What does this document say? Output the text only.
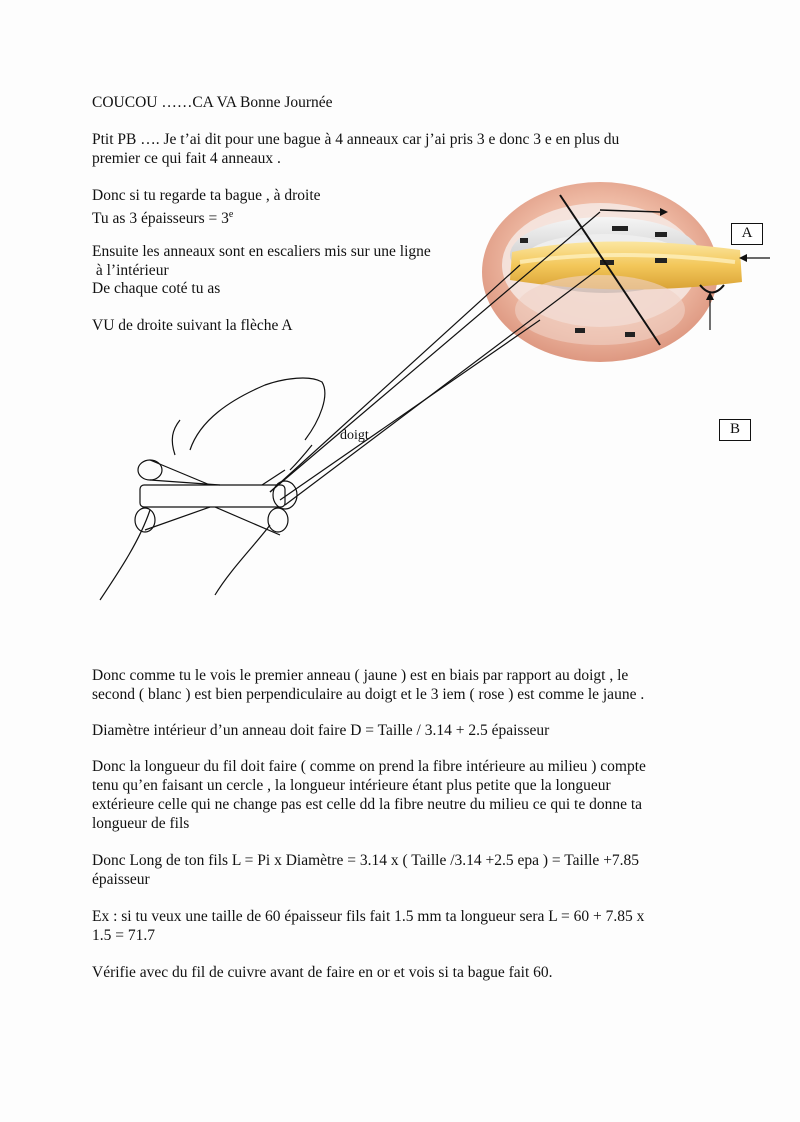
COUCOU ……CA VA Bonne Journée
Ptit PB …. Je t’ai dit pour une bague à 4 anneaux car j’ai pris 3 e donc 3 e en plus du
premier ce qui fait 4 anneaux .
Donc si tu regarde ta bague , à droite
Tu as 3 épaisseurs = $3^e$
Ensuite les anneaux sont en escaliers mis sur une ligne
à l’intérieur
De chaque coté tu as
VU de droite suivant la flèche A
A
B
doigt
Donc comme tu le vois le premier anneau ( jaune ) est en biais par rapport au doigt , le
second ( blanc ) est bien perpendiculaire au doigt et le 3 iem ( rose ) est comme le jaune .
Diamètre intérieur d’un anneau doit faire D = Taille / 3.14 + 2.5 épaisseur
Donc la longueur du fil doit faire ( comme on prend la fibre intérieure au milieu ) compte
tenu qu’en faisant un cercle , la longueur intérieure étant plus petite que la longueur
extérieure celle qui ne change pas est celle dd la fibre neutre du milieu ce qui te donne ta
longueur de fils
Donc Long de ton fils L = Pi x Diamètre = 3.14 x ( Taille /3.14 +2.5 epa ) = Taille +7.85
épaisseur
Ex : si tu veux une taille de 60 épaisseur fils fait 1.5 mm ta longueur sera L = 60 + 7.85 x
1.5 = 71.7
Vérifie avec du fil de cuivre avant de faire en or et vois si ta bague fait 60.
